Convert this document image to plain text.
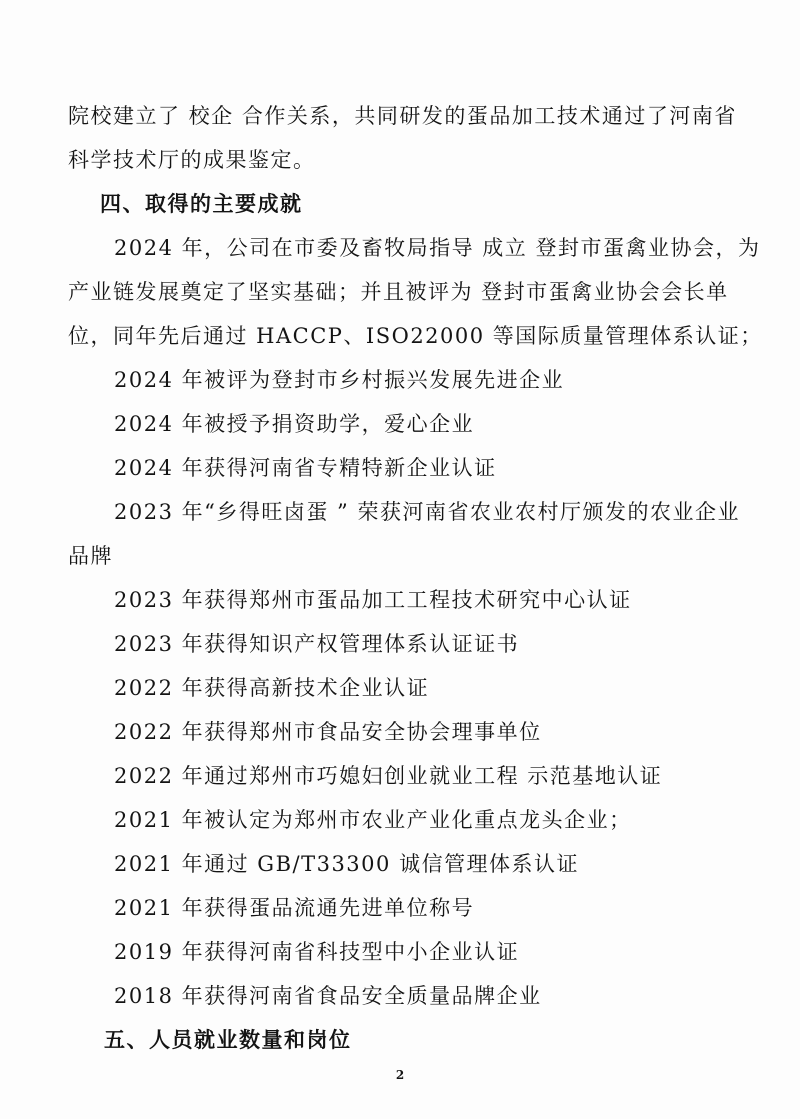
院校建立了 校企 合作关系，共同研发的蛋品加工技术通过了河南省
科学技术厅的成果鉴定。
四、取得的主要成就
2024 年，公司在市委及畜牧局指导 成立 登封市蛋禽业协会，为
产业链发展奠定了坚实基础；并且被评为 登封市蛋禽业协会会长单
位，同年先后通过 HACCP、ISO22000 等国际质量管理体系认证；
2024 年被评为登封市乡村振兴发展先进企业
2024 年被授予捐资助学，爱心企业
2024 年获得河南省专精特新企业认证
2023 年“乡得旺卤蛋 ” 荣获河南省农业农村厅颁发的农业企业
品牌
2023 年获得郑州市蛋品加工工程技术研究中心认证
2023 年获得知识产权管理体系认证证书
2022 年获得高新技术企业认证
2022 年获得郑州市食品安全协会理事单位
2022 年通过郑州市巧媳妇创业就业工程 示范基地认证
2021 年被认定为郑州市农业产业化重点龙头企业；
2021 年通过 GB/T33300 诚信管理体系认证
2021 年获得蛋品流通先进单位称号
2019 年获得河南省科技型中小企业认证
2018 年获得河南省食品安全质量品牌企业
五、人员就业数量和岗位
2
